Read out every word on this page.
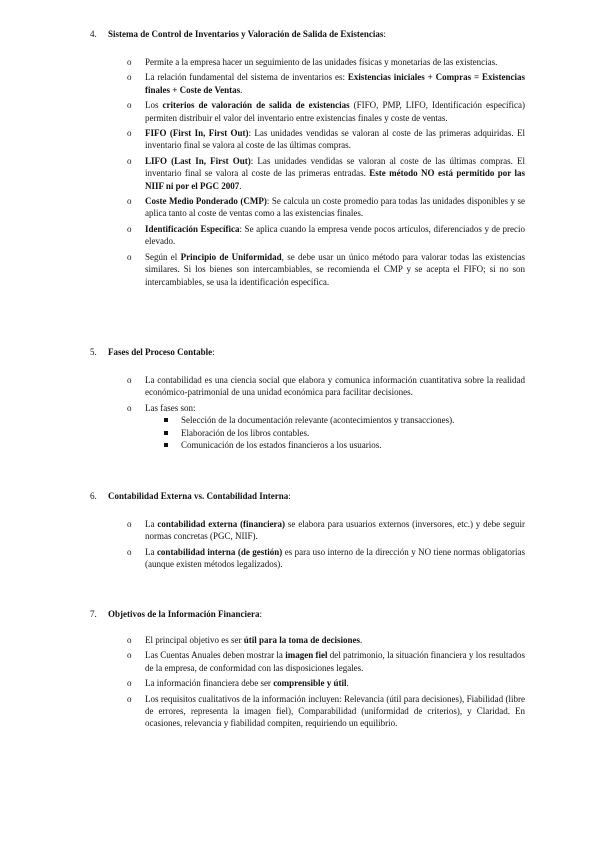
4. Sistema de Control de Inventarios y Valoración de Salida de Existencias:
o Permite a la empresa hacer un seguimiento de las unidades físicas y monetarias de las existencias.
o La relación fundamental del sistema de inventarios es: Existencias iniciales + Compras = Existencias finales + Coste de Ventas.
o Los criterios de valoración de salida de existencias (FIFO, PMP, LIFO, Identificación específica) permiten distribuir el valor del inventario entre existencias finales y coste de ventas.
o FIFO (First In, First Out): Las unidades vendidas se valoran al coste de las primeras adquiridas. El inventario final se valora al coste de las últimas compras.
o LIFO (Last In, First Out): Las unidades vendidas se valoran al coste de las últimas compras. El inventario final se valora al coste de las primeras entradas. Este método NO está permitido por las NIIF ni por el PGC 2007.
o Coste Medio Ponderado (CMP): Se calcula un coste promedio para todas las unidades disponibles y se aplica tanto al coste de ventas como a las existencias finales.
o Identificación Específica: Se aplica cuando la empresa vende pocos artículos, diferenciados y de precio elevado.
o Según el Principio de Uniformidad, se debe usar un único método para valorar todas las existencias similares. Si los bienes son intercambiables, se recomienda el CMP y se acepta el FIFO; si no son intercambiables, se usa la identificación específica.
5. Fases del Proceso Contable:
o La contabilidad es una ciencia social que elabora y comunica información cuantitativa sobre la realidad económico-patrimonial de una unidad económica para facilitar decisiones.
o Las fases son:
Selección de la documentación relevante (acontecimientos y transacciones).
Elaboración de los libros contables.
Comunicación de los estados financieros a los usuarios.
6. Contabilidad Externa vs. Contabilidad Interna:
o La contabilidad externa (financiera) se elabora para usuarios externos (inversores, etc.) y debe seguir normas concretas (PGC, NIIF).
o La contabilidad interna (de gestión) es para uso interno de la dirección y NO tiene normas obligatorias (aunque existen métodos legalizados).
7. Objetivos de la Información Financiera:
o El principal objetivo es ser útil para la toma de decisiones.
o Las Cuentas Anuales deben mostrar la imagen fiel del patrimonio, la situación financiera y los resultados de la empresa, de conformidad con las disposiciones legales.
o La información financiera debe ser comprensible y útil.
o Los requisitos cualitativos de la información incluyen: Relevancia (útil para decisiones), Fiabilidad (libre de errores, representa la imagen fiel), Comparabilidad (uniformidad de criterios), y Claridad. En ocasiones, relevancia y fiabilidad compiten, requiriendo un equilibrio.
